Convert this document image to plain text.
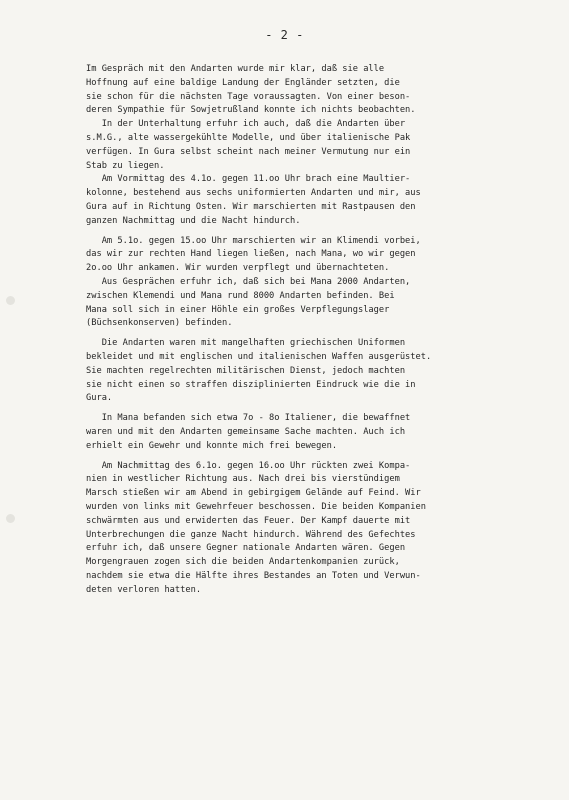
- 2 -
Im Gespräch mit den Andarten wurde mir klar, daß sie alle
Hoffnung auf eine baldige Landung der Engländer setzten, die
sie schon für die nächsten Tage voraussagten. Von einer beson-
deren Sympathie für Sowjetrußland konnte ich nichts beobachten.
In der Unterhaltung erfuhr ich auch, daß die Andarten über
s.M.G., alte wassergekühlte Modelle, und über italienische Pak
verfügen. In Gura selbst scheint nach meiner Vermutung nur ein
Stab zu liegen.
Am Vormittag des 4.1o. gegen 11.oo Uhr brach eine Maultier-
kolonne, bestehend aus sechs uniformierten Andarten und mir, aus
Gura auf in Richtung Osten. Wir marschierten mit Rastpausen den
ganzen Nachmittag und die Nacht hindurch.
Am 5.1o. gegen 15.oo Uhr marschierten wir an Klimendi vorbei,
das wir zur rechten Hand liegen ließen, nach Mana, wo wir gegen
2o.oo Uhr ankamen. Wir wurden verpflegt und übernachteten.
Aus Gesprächen erfuhr ich, daß sich bei Mana 2000 Andarten,
zwischen Klemendi und Mana rund 8000 Andarten befinden. Bei
Mana soll sich in einer Höhle ein großes Verpflegungslager
(Büchsenkonserven) befinden.
Die Andarten waren mit mangelhaften griechischen Uniformen
bekleidet und mit englischen und italienischen Waffen ausgerüstet.
Sie machten regelrechten militärischen Dienst, jedoch machten
sie nicht einen so straffen disziplinierten Eindruck wie die in
Gura.
In Mana befanden sich etwa 7o - 8o Italiener, die bewaffnet
waren und mit den Andarten gemeinsame Sache machten. Auch ich
erhielt ein Gewehr und konnte mich frei bewegen.
Am Nachmittag des 6.1o. gegen 16.oo Uhr rückten zwei Kompa-
nien in westlicher Richtung aus. Nach drei bis vierstündigem
Marsch stießen wir am Abend in gebirgigem Gelände auf Feind. Wir
wurden von links mit Gewehrfeuer beschossen. Die beiden Kompanien
schwärmten aus und erwiderten das Feuer. Der Kampf dauerte mit
Unterbrechungen die ganze Nacht hindurch. Während des Gefechtes
erfuhr ich, daß unsere Gegner nationale Andarten wären. Gegen
Morgengrauen zogen sich die beiden Andartenkompanien zurück,
nachdem sie etwa die Hälfte ihres Bestandes an Toten und Verwun-
deten verloren hatten.
